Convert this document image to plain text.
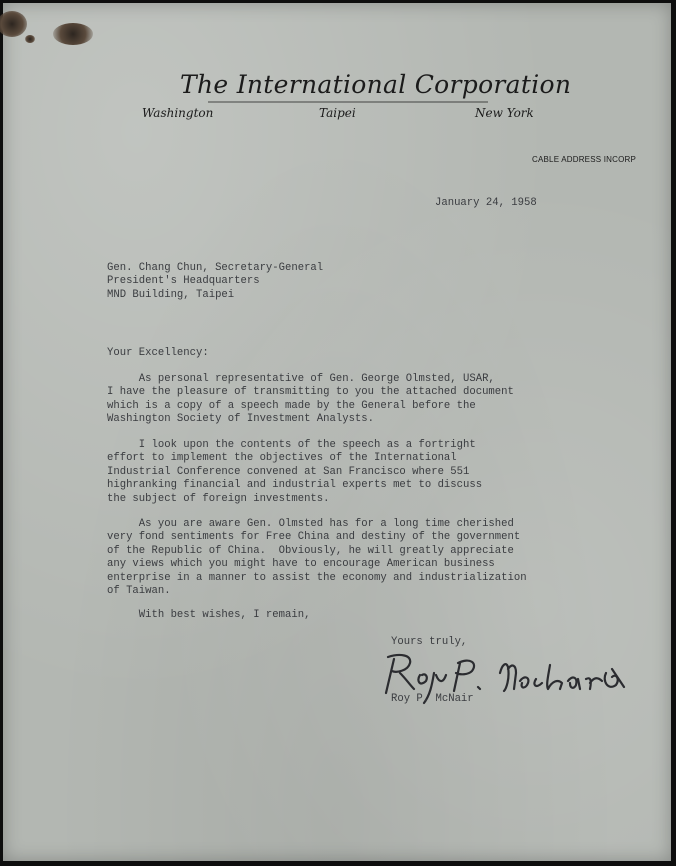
The International Corporation
Washington	Taipei	New York
CABLE ADDRESS INCORP
January 24, 1958
Gen. Chang Chun, Secretary-General
President's Headquarters
MND Building, Taipei
Your Excellency:
As personal representative of Gen. George Olmsted, USAR,
I have the pleasure of transmitting to you the attached document
which is a copy of a speech made by the General before the
Washington Society of Investment Analysts.
I look upon the contents of the speech as a fortright
effort to implement the objectives of the International
Industrial Conference convened at San Francisco where 551
highranking financial and industrial experts met to discuss
the subject of foreign investments.
As you are aware Gen. Olmsted has for a long time cherished
very fond sentiments for Free China and destiny of the government
of the Republic of China.  Obviously, he will greatly appreciate
any views which you might have to encourage American business
enterprise in a manner to assist the economy and industrialization
of Taiwan.
With best wishes, I remain,
Yours truly,
Roy P. McNair
